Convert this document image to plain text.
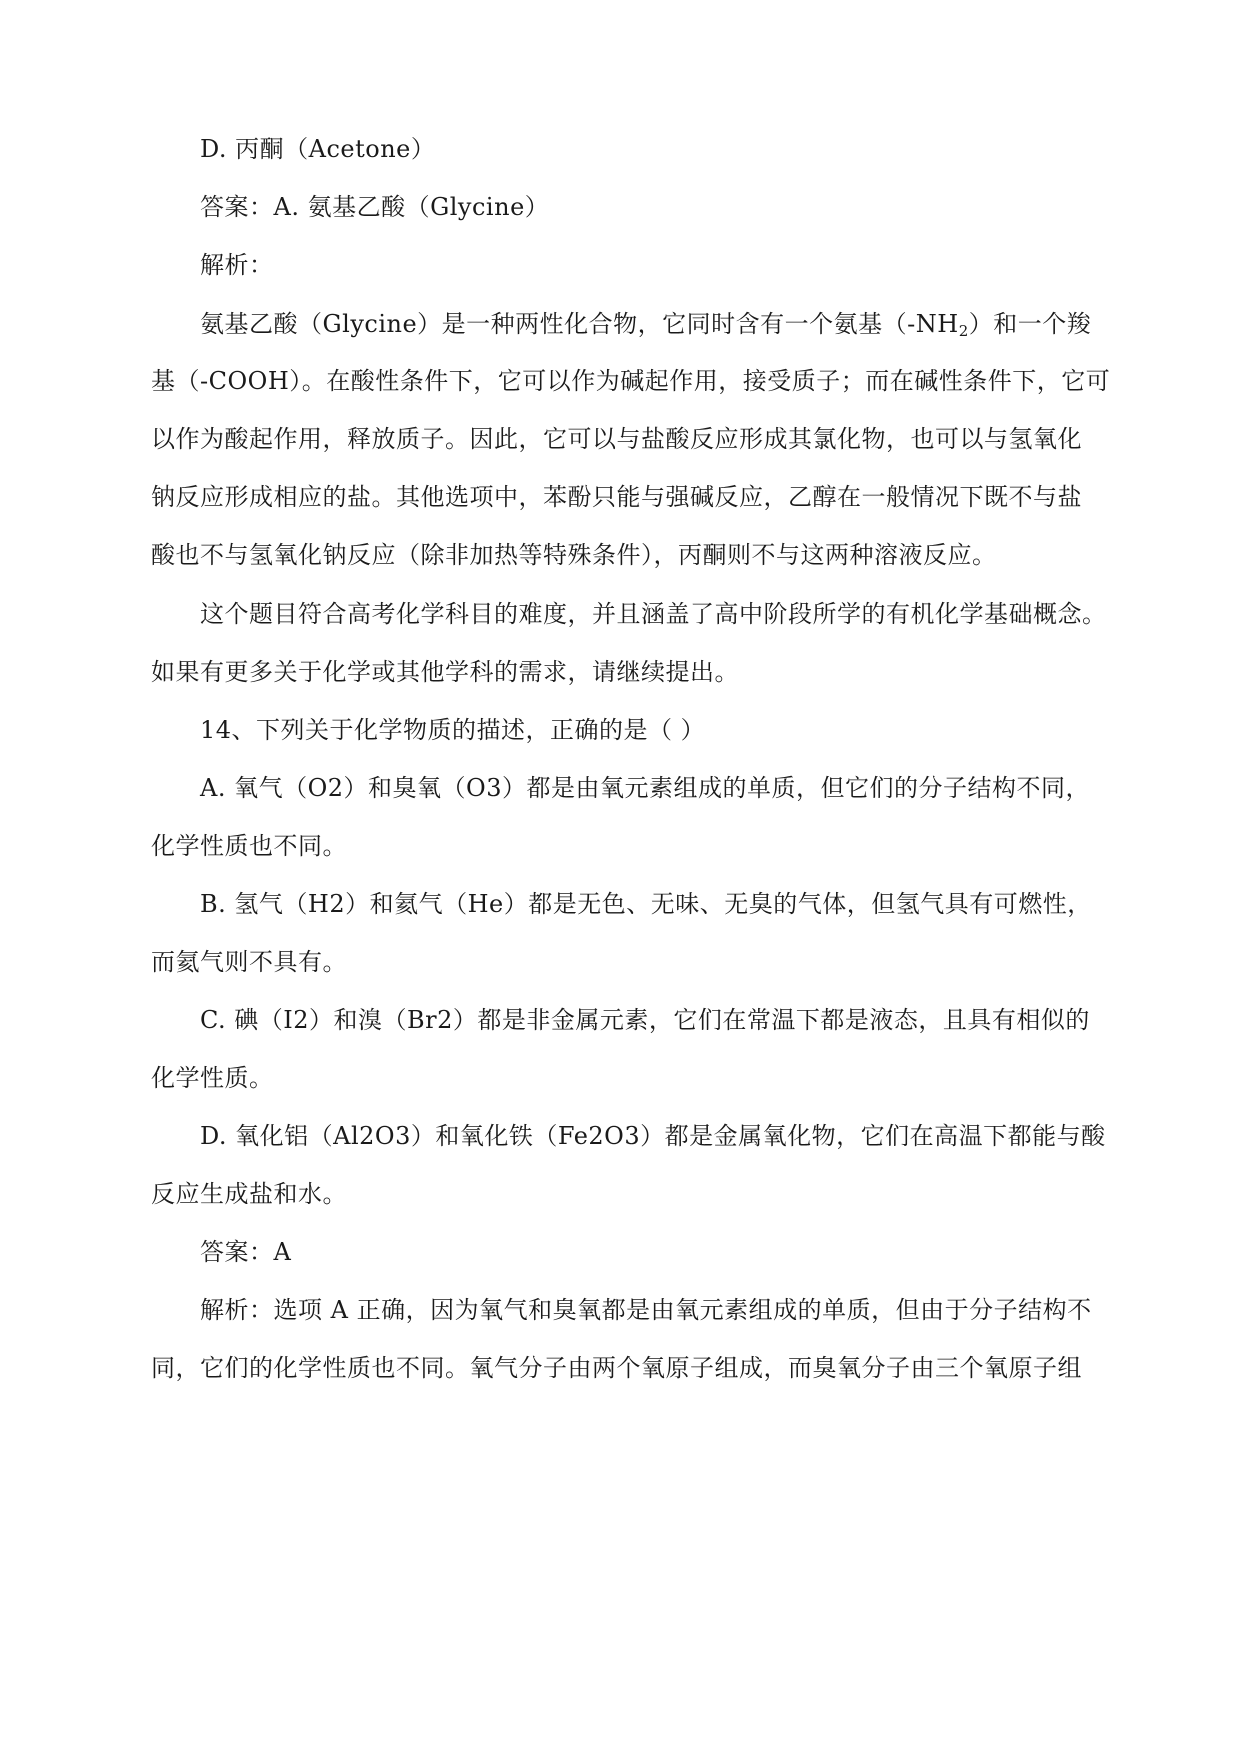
D. 丙酮（Acetone）
答案：A. 氨基乙酸（Glycine）
解析：
氨基乙酸（Glycine）是一种两性化合物，它同时含有一个氨基$(-NH_2)$和一个羧
基（-COOH）。在酸性条件下，它可以作为碱起作用，接受质子；而在碱性条件下，它可
以作为酸起作用，释放质子。因此，它可以与盐酸反应形成其氯化物，也可以与氢氧化
钠反应形成相应的盐。其他选项中，苯酚只能与强碱反应，乙醇在一般情况下既不与盐
酸也不与氢氧化钠反应（除非加热等特殊条件），丙酮则不与这两种溶液反应。
这个题目符合高考化学科目的难度，并且涵盖了高中阶段所学的有机化学基础概念。
如果有更多关于化学或其他学科的需求，请继续提出。
14、下列关于化学物质的描述，正确的是（ ）
A. 氧气（O2）和臭氧（O3）都是由氧元素组成的单质，但它们的分子结构不同，
化学性质也不同。
B. 氢气（H2）和氦气（He）都是无色、无味、无臭的气体，但氢气具有可燃性，
而氦气则不具有。
C. 碘（I2）和溴（Br2）都是非金属元素，它们在常温下都是液态，且具有相似的
化学性质。
D. 氧化铝（Al2O3）和氧化铁（Fe2O3）都是金属氧化物，它们在高温下都能与酸
反应生成盐和水。
答案：A
解析：选项 A 正确，因为氧气和臭氧都是由氧元素组成的单质，但由于分子结构不
同，它们的化学性质也不同。氧气分子由两个氧原子组成，而臭氧分子由三个氧原子组
